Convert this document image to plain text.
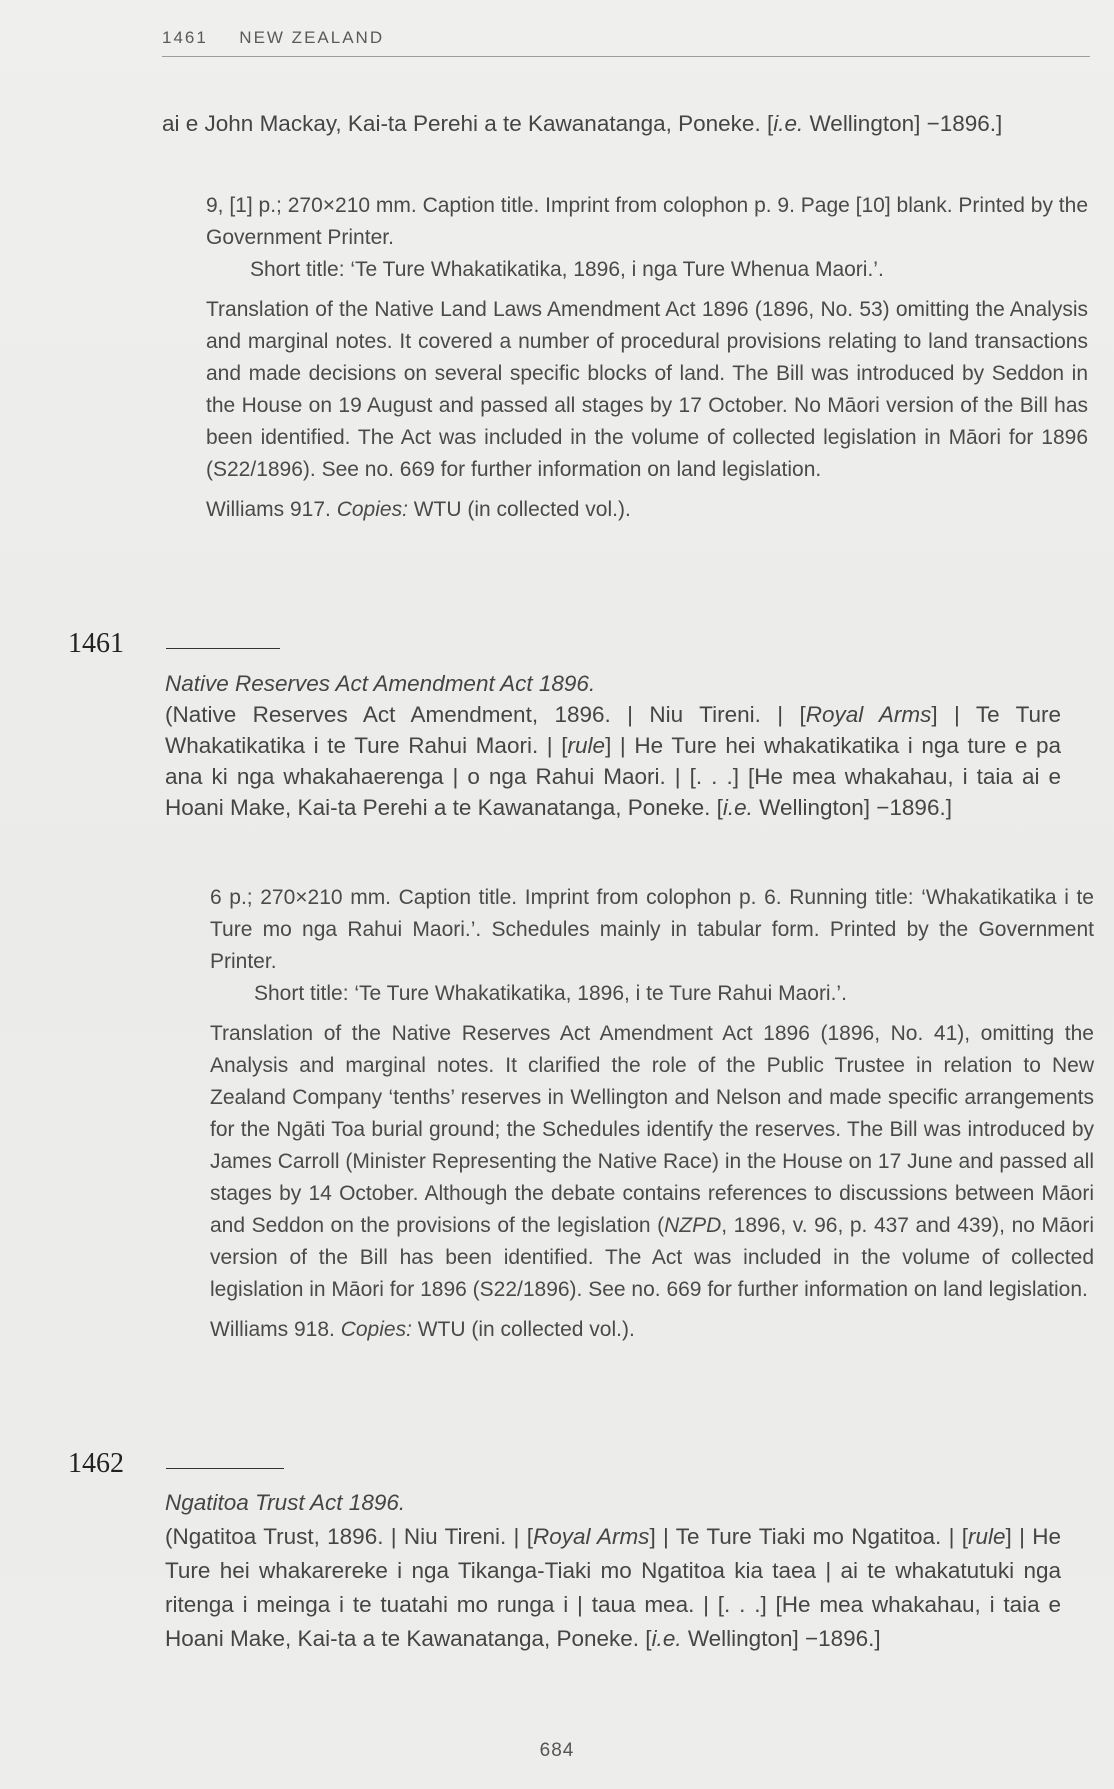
1461 NEW ZEALAND

ai e John Mackay, Kai-ta Perehi a te Kawanatanga, Poneke. [i.e. Wellington] −1896.]

9, [1] p.; 270×210 mm. Caption title. Imprint from colophon p. 9. Page [10] blank. Printed by the Government Printer.

Short title: ‘Te Ture Whakatikatika, 1896, i nga Ture Whenua Maori.’.

Translation of the Native Land Laws Amendment Act 1896 (1896, No. 53) omitting the Analysis and marginal notes. It covered a number of procedural provisions relating to land transactions and made decisions on several specific blocks of land. The Bill was introduced by Seddon in the House on 19 August and passed all stages by 17 October. No Māori version of the Bill has been identified. The Act was included in the volume of collected legislation in Māori for 1896 (S22/1896). See no. 669 for further information on land legislation.

Williams 917. Copies: WTU (in collected vol.).

1461

Native Reserves Act Amendment Act 1896.

(Native Reserves Act Amendment, 1896. | Niu Tireni. | [Royal Arms] | Te Ture Whakatikatika i te Ture Rahui Maori. | [rule] | He Ture hei whakatikatika i nga ture e pa ana ki nga whakahaerenga | o nga Rahui Maori. | [. . .] [He mea whakahau, i taia ai e Hoani Make, Kai-ta Perehi a te Kawanatanga, Poneke. [i.e. Wellington] −1896.]

6 p.; 270×210 mm. Caption title. Imprint from colophon p. 6. Running title: ‘Whakatikatika i te Ture mo nga Rahui Maori.’. Schedules mainly in tabular form. Printed by the Government Printer.

Short title: ‘Te Ture Whakatikatika, 1896, i te Ture Rahui Maori.’.

Translation of the Native Reserves Act Amendment Act 1896 (1896, No. 41), omitting the Analysis and marginal notes. It clarified the role of the Public Trustee in relation to New Zealand Company ‘tenths’ reserves in Wellington and Nelson and made specific arrangements for the Ngāti Toa burial ground; the Schedules identify the reserves. The Bill was introduced by James Carroll (Minister Representing the Native Race) in the House on 17 June and passed all stages by 14 October. Although the debate contains references to discussions between Māori and Seddon on the provisions of the legislation (NZPD, 1896, v. 96, p. 437 and 439), no Māori version of the Bill has been identified. The Act was included in the volume of collected legislation in Māori for 1896 (S22/1896). See no. 669 for further information on land legislation.

Williams 918. Copies: WTU (in collected vol.).

1462

Ngatitoa Trust Act 1896.

(Ngatitoa Trust, 1896. | Niu Tireni. | [Royal Arms] | Te Ture Tiaki mo Ngatitoa. | [rule] | He Ture hei whakarereke i nga Tikanga-Tiaki mo Ngatitoa kia taea | ai te whakatutuki nga ritenga i meinga i te tuatahi mo runga i | taua mea. | [. . .] [He mea whakahau, i taia e Hoani Make, Kai-ta a te Kawanatanga, Poneke. [i.e. Wellington] −1896.]

684
